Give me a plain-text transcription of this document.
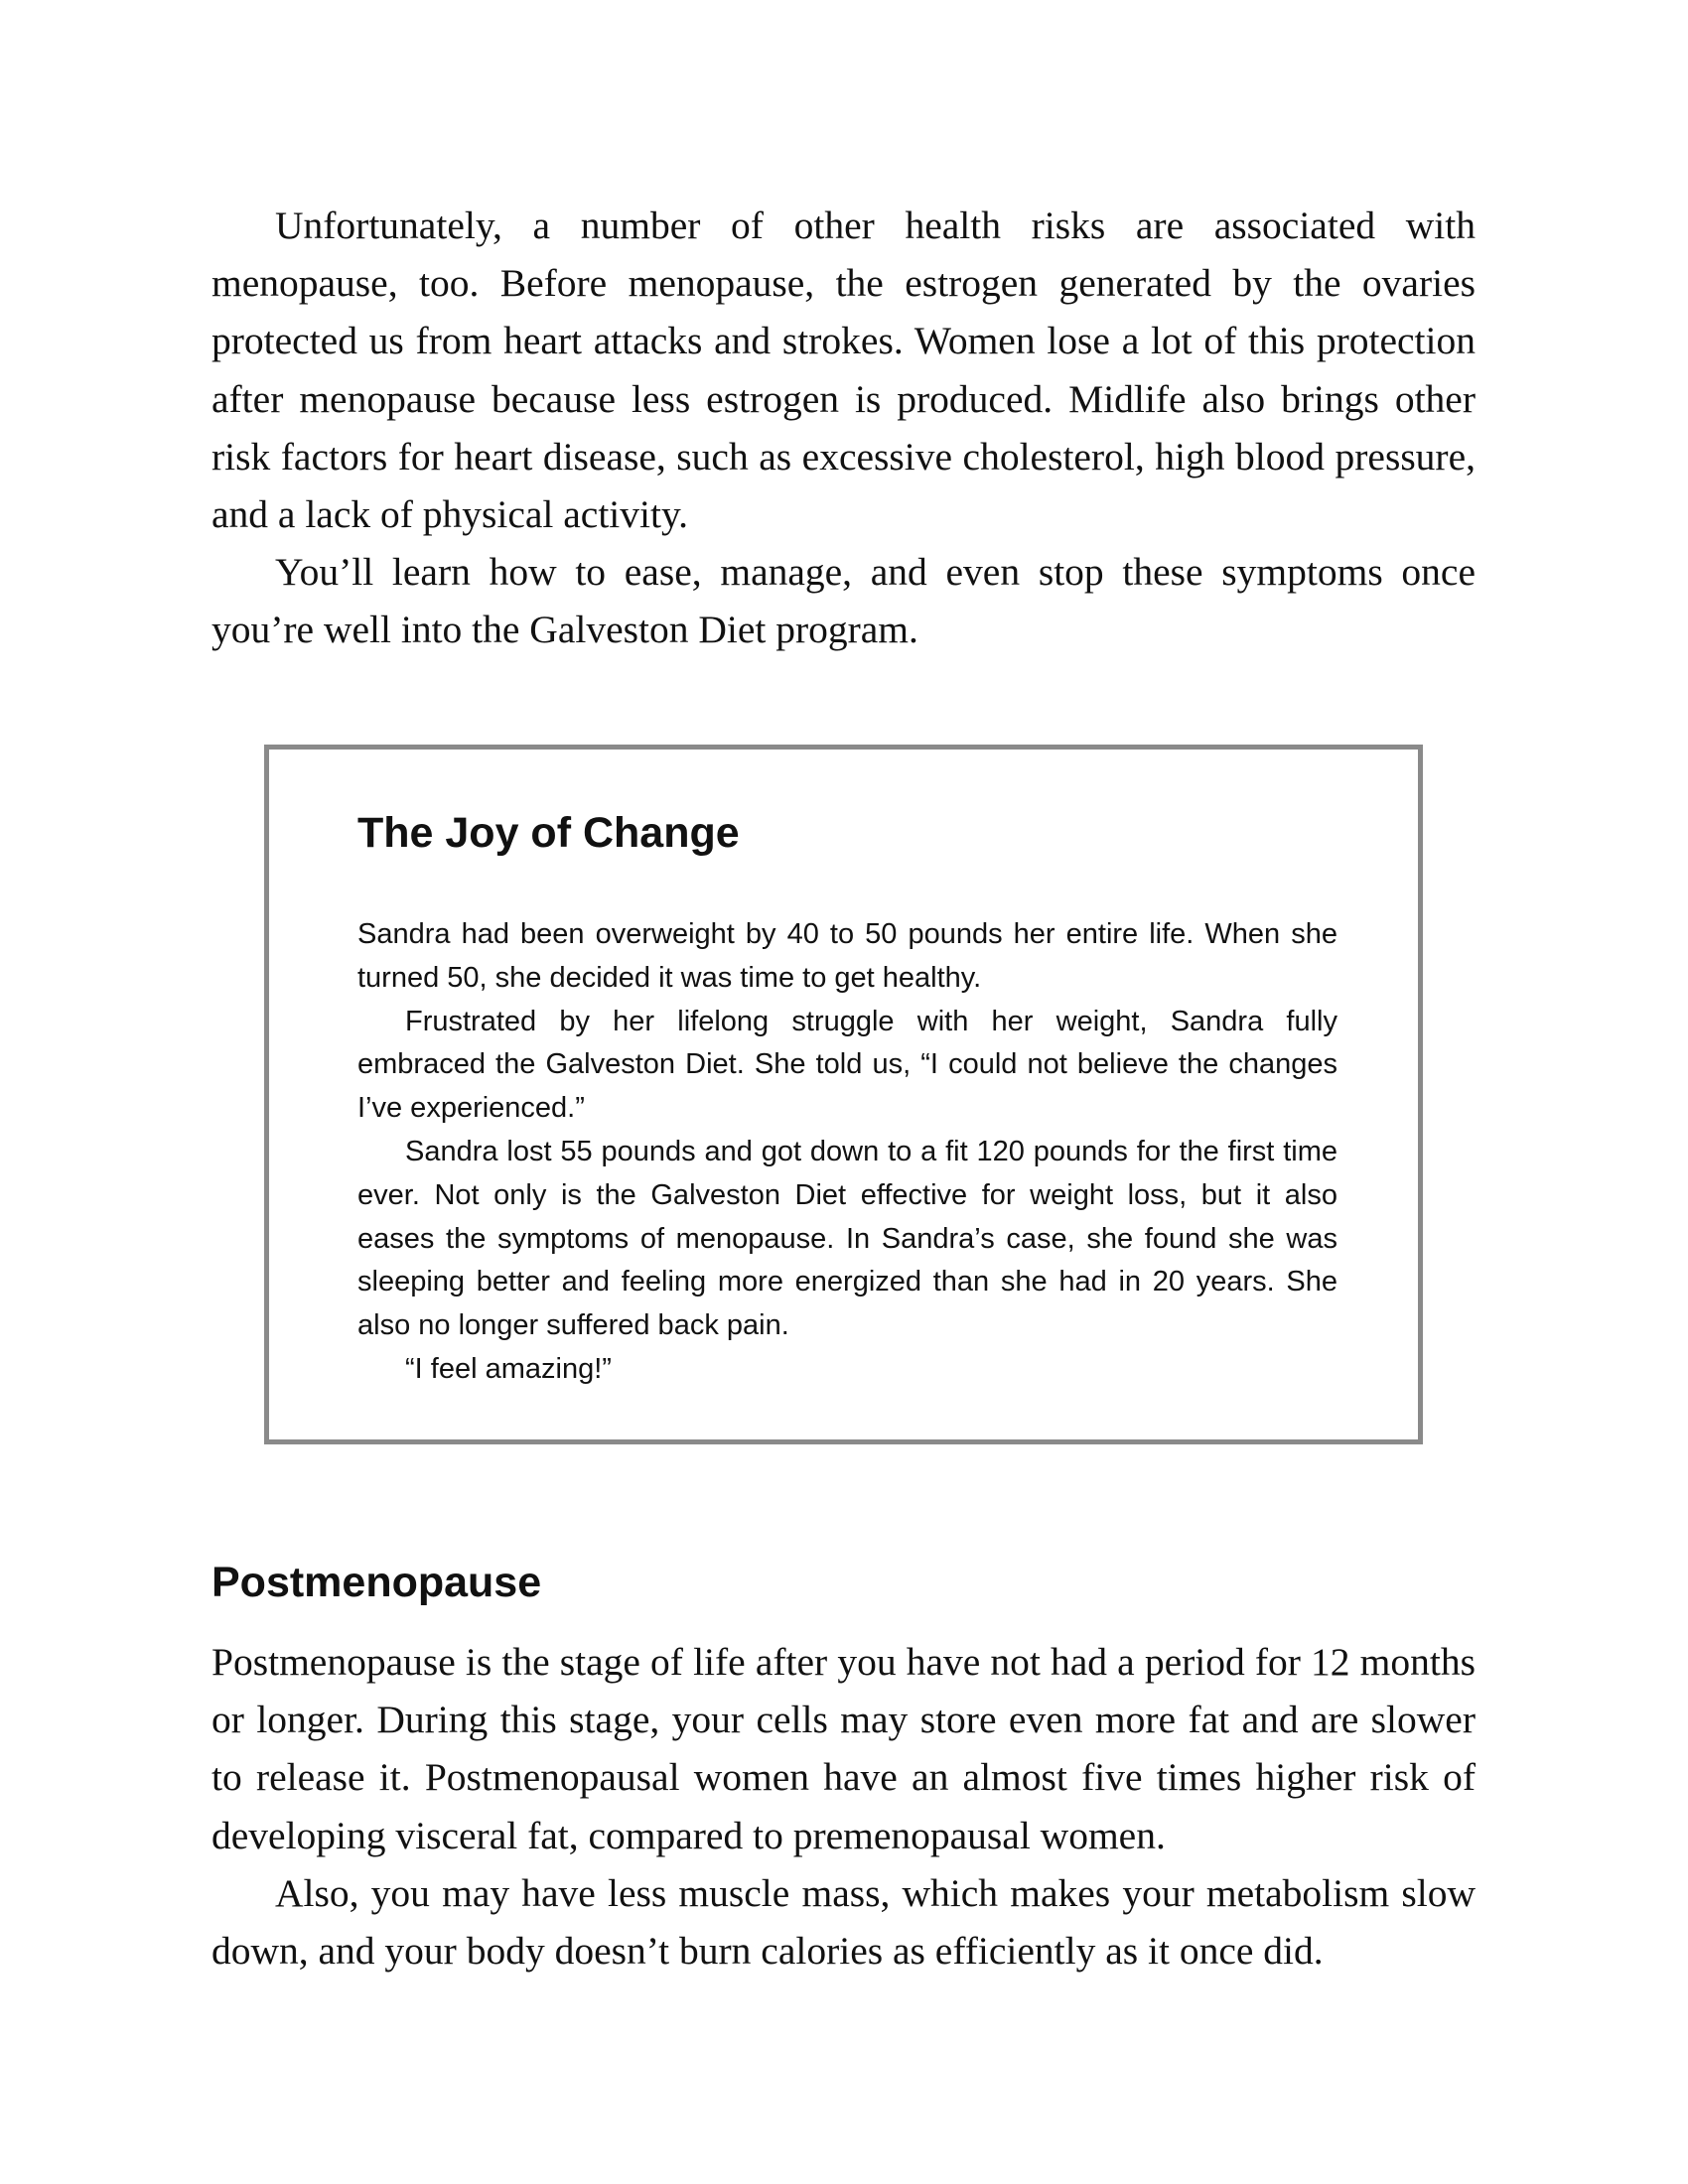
Unfortunately, a number of other health risks are associated with menopause, too. Before menopause, the estrogen generated by the ovaries protected us from heart attacks and strokes. Women lose a lot of this protection after menopause because less estrogen is produced. Midlife also brings other risk factors for heart disease, such as excessive cholesterol, high blood pressure, and a lack of physical activity.

You’ll learn how to ease, manage, and even stop these symptoms once you’re well into the Galveston Diet program.

The Joy of Change

Sandra had been overweight by 40 to 50 pounds her entire life. When she turned 50, she decided it was time to get healthy.

Frustrated by her lifelong struggle with her weight, Sandra fully embraced the Galveston Diet. She told us, “I could not believe the changes I’ve experienced.”

Sandra lost 55 pounds and got down to a fit 120 pounds for the first time ever. Not only is the Galveston Diet effective for weight loss, but it also eases the symptoms of menopause. In Sandra’s case, she found she was sleeping better and feeling more energized than she had in 20 years. She also no longer suffered back pain.

“I feel amazing!”

Postmenopause

Postmenopause is the stage of life after you have not had a period for 12 months or longer. During this stage, your cells may store even more fat and are slower to release it. Postmenopausal women have an almost five times higher risk of developing visceral fat, compared to premenopausal women.

Also, you may have less muscle mass, which makes your metabolism slow down, and your body doesn’t burn calories as efficiently as it once did.
